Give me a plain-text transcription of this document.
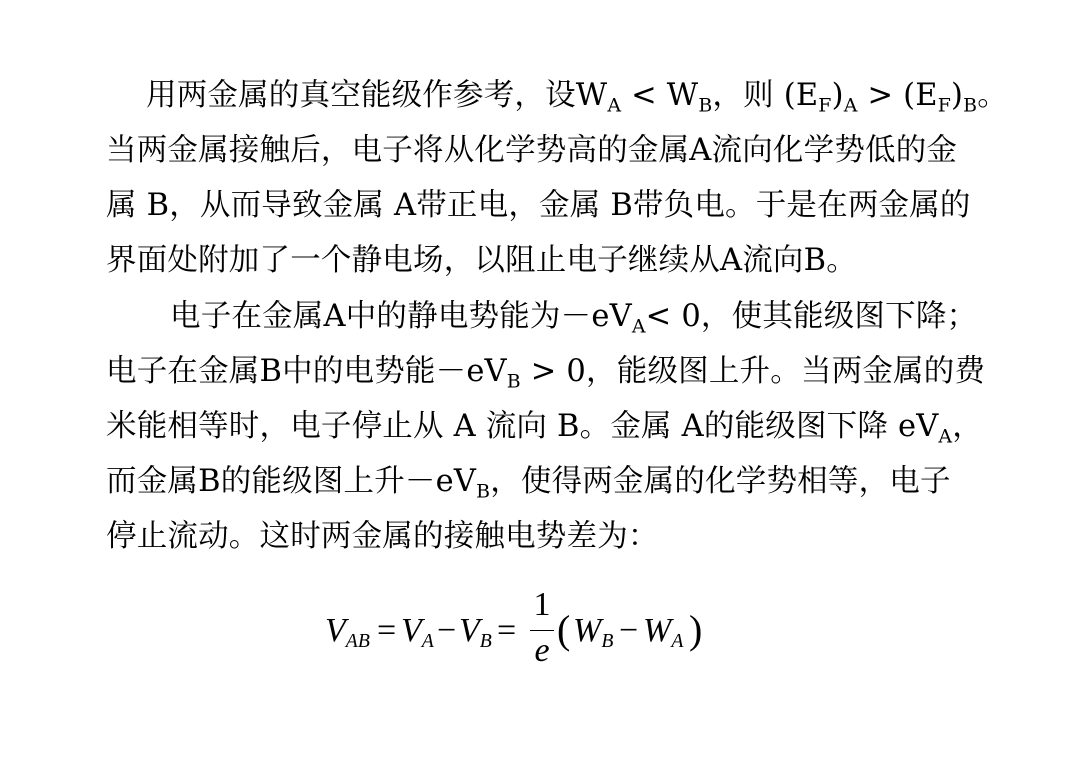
用两金属的真空能级作参考，设$W_A < W_B$，则 $(E_F)_A > (E_F)_B$。
当两金属接触后，电子将从化学势高的金属A流向化学势低的金
属 B，从而导致金属 A带正电，金属 B带负电。于是在两金属的
界面处附加了一个静电场，以阻止电子继续从A流向B。
电子在金属A中的静电势能为$-eV_A< 0$，使其能级图下降；
电子在金属B中的电势能$-eV_B > 0$，能级图上升。当两金属的费
米能相等时，电子停止从 A 流向 B。金属 A的能级图下降 $eV_A$，
而金属B的能级图上升$-eV_B$，使得两金属的化学势相等，电子
停止流动。这时两金属的接触电势差为：
VAB = VA − VB =
1
e ( WB − WA )
